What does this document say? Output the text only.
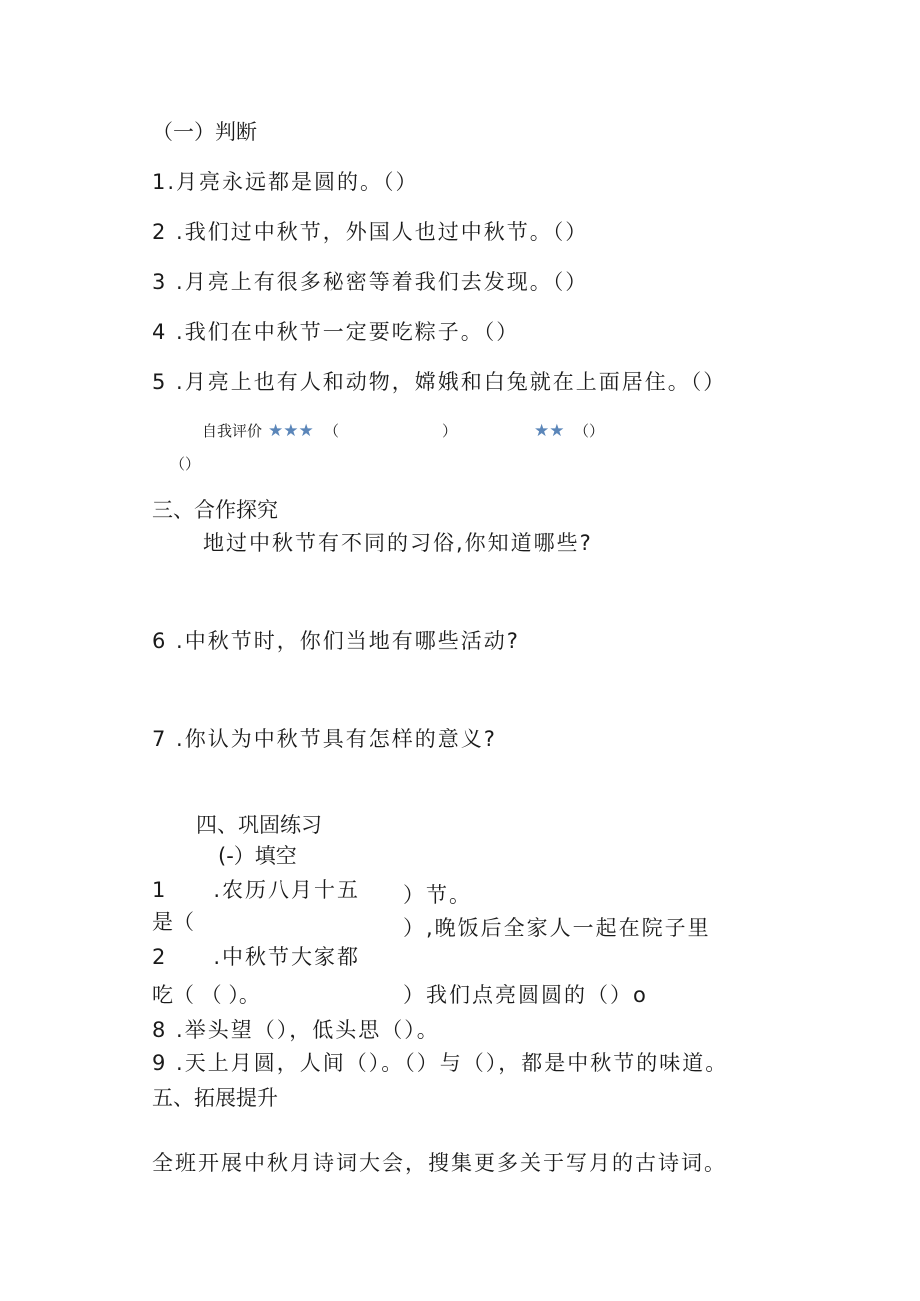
（一）判断
1.月亮永远都是圆的。（）
2 .我们过中秋节，外国人也过中秋节。（）
3 .月亮上有很多秘密等着我们去发现。（）
4 .我们在中秋节一定要吃粽子。（）
5 .月亮上也有人和动物，嫦娥和白兔就在上面居住。（）
自我评价 ★★★ （	）	★★ （）
（）
三、合作探究
地过中秋节有不同的习俗,你知道哪些?
6 .中秋节时，你们当地有哪些活动?
7 .你认为中秋节具有怎样的意义?
四、巩固练习
(-）填空
1　　.农历八月十五 ）节。
是（	）,晚饭后全家人一起在院子里
2　　.中秋节大家都
吃（ （ ）。	）我们点亮圆圆的（）o
8 .举头望（），低头思（）。
9 .天上月圆，人间（）。（）与（），都是中秋节的味道。
五、拓展提升
全班开展中秋月诗词大会，搜集更多关于写月的古诗词。
